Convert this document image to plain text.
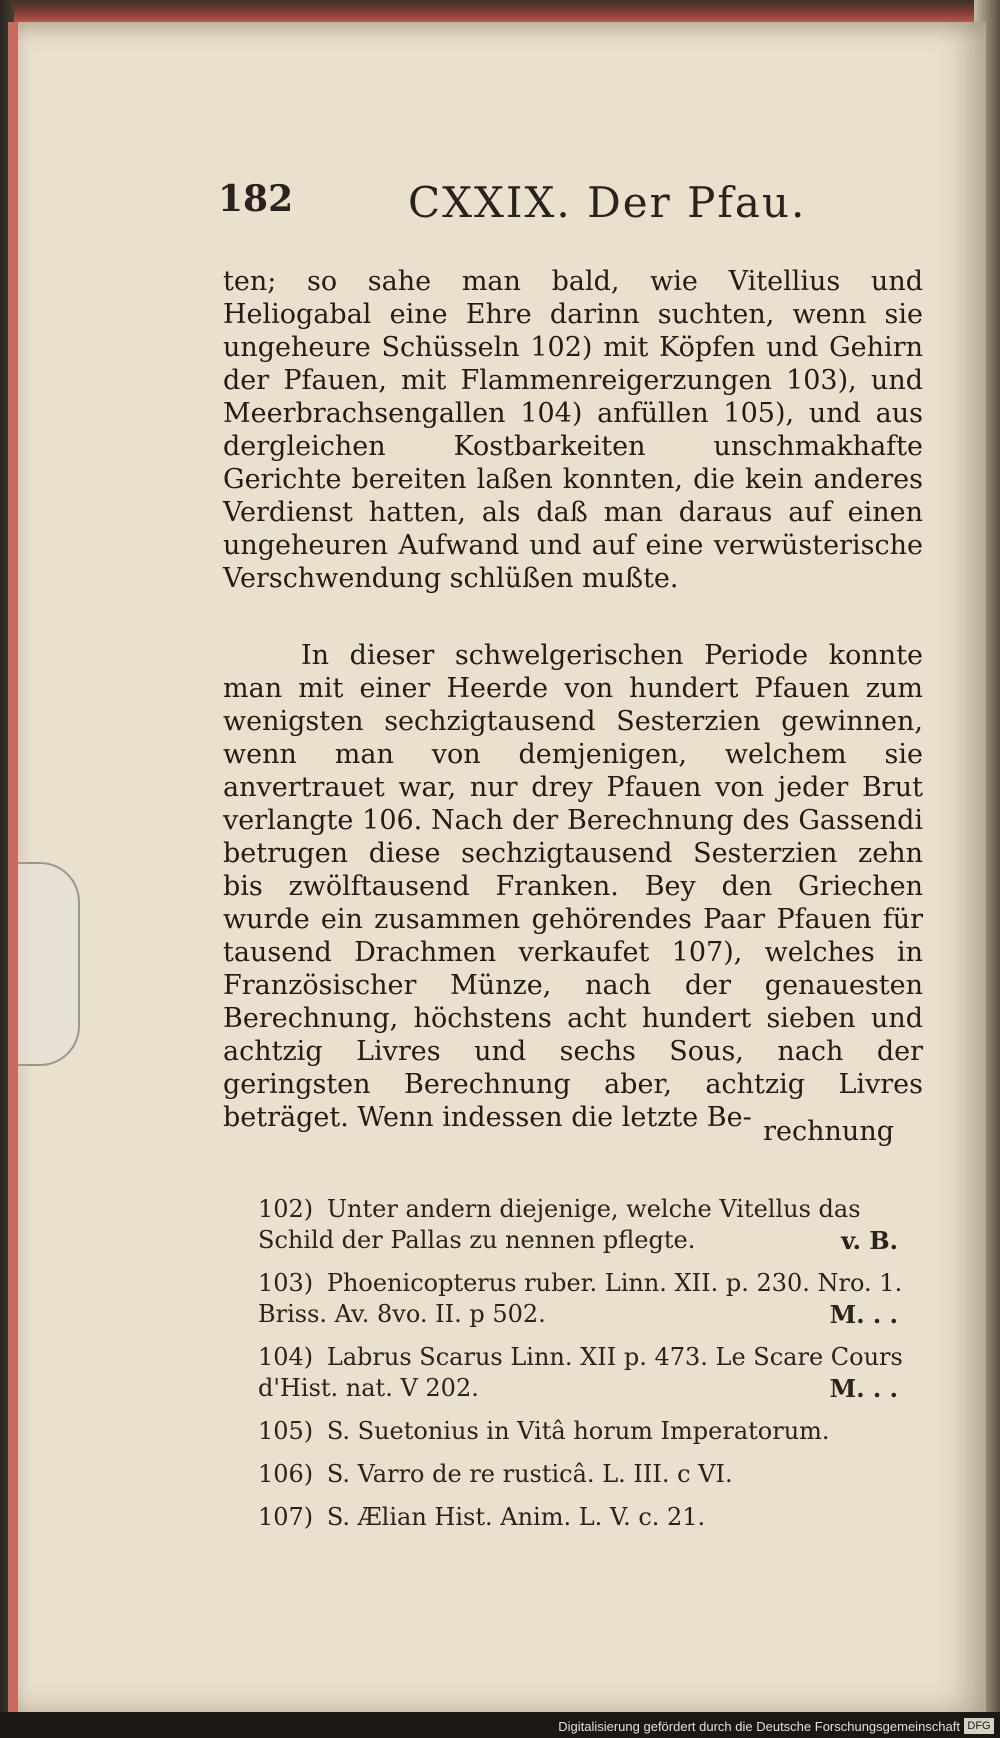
182	CXXIX. Der Pfau.
ten; so sahe man bald, wie Vitellius und Heliogabal eine Ehre darinn suchten, wenn sie ungeheure Schüsseln 102) mit Köpfen und Gehirn der Pfauen, mit Flammenreigerzungen 103), und Meerbrachsengallen 104) anfüllen 105), und aus dergleichen Kostbarkeiten unschmakhafte Gerichte bereiten laßen konnten, die kein anderes Verdienst hatten, als daß man daraus auf einen ungeheuren Aufwand und auf eine verwüsterische Verschwendung schlüßen mußte.
In dieser schwelgerischen Periode konnte man mit einer Heerde von hundert Pfauen zum wenigsten sechzigtausend Sesterzien gewinnen, wenn man von demjenigen, welchem sie anvertrauet war, nur drey Pfauen von jeder Brut verlangte 106. Nach der Berechnung des Gassendi betrugen diese sechzigtausend Sesterzien zehn bis zwölftausend Franken. Bey den Griechen wurde ein zusammen gehörendes Paar Pfauen für tausend Drachmen verkaufet 107), welches in Französischer Münze, nach der genauesten Berechnung, höchstens acht hundert sieben und achtzig Livres und sechs Sous, nach der geringsten Berechnung aber, achtzig Livres beträget. Wenn indessen die letzte Be- rechnung
102) Unter andern diejenige, welche Vitellus das Schild der Pallas zu nennen pflegte.	v. B.
103) Phoenicopterus ruber. Linn. XII. p. 230. Nro. 1. Briss. Av. 8vo. II. p 502.	M. . .
104) Labrus Scarus Linn. XII p. 473. Le Scare Cours d'Hist. nat. V 202.	M. . .
105) S. Suetonius in Vitâ horum Imperatorum.
106) S. Varro de re rusticâ. L. III. c VI.
107) S. Ælian Hist. Anim. L. V. c. 21.
Digitalisierung gefördert durch die Deutsche Forschungsgemeinschaft DFG
